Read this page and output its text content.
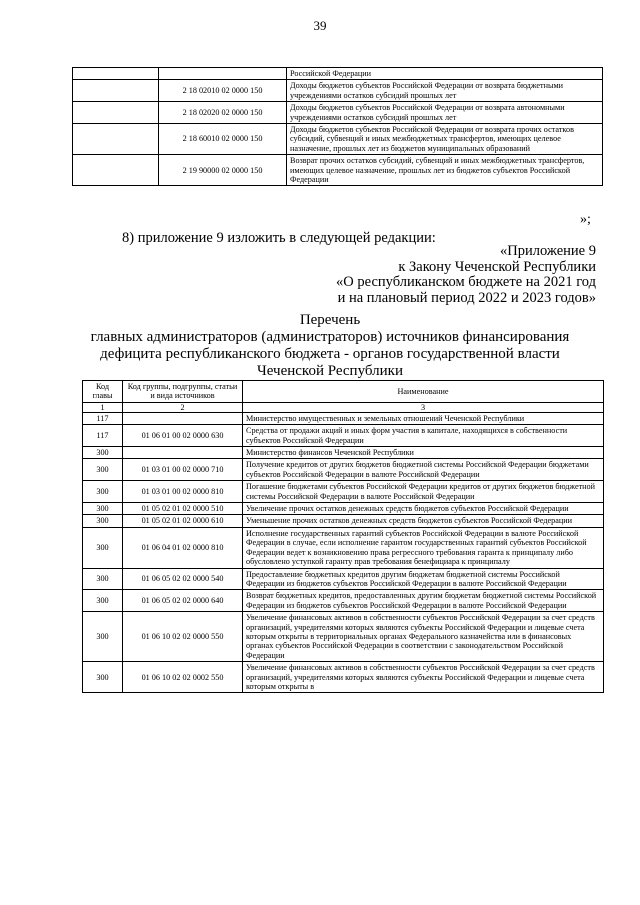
39
		Российской Федерации
	2 18 02010 02 0000 150	Доходы бюджетов субъектов Российской Федерации от возврата бюджетными учреждениями остатков субсидий прошлых лет
	2 18 02020 02 0000 150	Доходы бюджетов субъектов Российской Федерации от возврата автономными учреждениями остатков субсидий прошлых лет
	2 18 60010 02 0000 150	Доходы бюджетов субъектов Российской Федерации от возврата прочих остатков субсидий, субвенций и иных межбюджетных трансфертов, имеющих целевое назначение, прошлых лет из бюджетов муниципальных образований
	2 19 90000 02 0000 150	Возврат прочих остатков субсидий, субвенций и иных межбюджетных трансфертов, имеющих целевое назначение, прошлых лет из бюджетов субъектов Российской Федерации
»;
8) приложение 9 изложить в следующей редакции:
«Приложение 9
к Закону Чеченской Республики
«О республиканском бюджете на 2021 год
и на плановый период 2022 и 2023 годов»
Перечень
главных администраторов (администраторов) источников финансирования
дефицита республиканского бюджета - органов государственной власти
Чеченской Республики
Код главы	Код группы, подгруппы, статьи и вида источников	Наименование
1	2	3
117		Министерство имущественных и земельных отношений Чеченской Республики
117	01 06 01 00 02 0000 630	Средства от продажи акций и иных форм участия в капитале, находящихся в собственности субъектов Российской Федерации
300		Министерство финансов Чеченской Республики
300	01 03 01 00 02 0000 710	Получение кредитов от других бюджетов бюджетной системы Российской Федерации бюджетами субъектов Российской Федерации в валюте Российской Федерации
300	01 03 01 00 02 0000 810	Погашение бюджетами субъектов Российской Федерации кредитов от других бюджетов бюджетной системы Российской Федерации в валюте Российской Федерации
300	01 05 02 01 02 0000 510	Увеличение прочих остатков денежных средств бюджетов субъектов Российской Федерации
300	01 05 02 01 02 0000 610	Уменьшение прочих остатков денежных средств бюджетов субъектов Российской Федерации
300	01 06 04 01 02 0000 810	Исполнение государственных гарантий субъектов Российской Федерации в валюте Российской Федерации в случае, если исполнение гарантом государственных гарантий субъектов Российской Федерации ведет к возникновению права регрессного требования гаранта к принципалу либо обусловлено уступкой гаранту прав требования бенефициара к принципалу
300	01 06 05 02 02 0000 540	Предоставление бюджетных кредитов другим бюджетам бюджетной системы Российской Федерации из бюджетов субъектов Российской Федерации в валюте Российской Федерации
300	01 06 05 02 02 0000 640	Возврат бюджетных кредитов, предоставленных другим бюджетам бюджетной системы Российской Федерации из бюджетов субъектов Российской Федерации в валюте Российской Федерации
300	01 06 10 02 02 0000 550	Увеличение финансовых активов в собственности субъектов Российской Федерации за счет средств организаций, учредителями которых являются субъекты Российской Федерации и лицевые счета которым открыты в территориальных органах Федерального казначейства или в финансовых органах субъектов Российской Федерации в соответствии с законодательством Российской Федерации
300	01 06 10 02 02 0002 550	Увеличение финансовых активов в собственности субъектов Российской Федерации за счет средств организаций, учредителями которых являются субъекты Российской Федерации и лицевые счета которым открыты в
